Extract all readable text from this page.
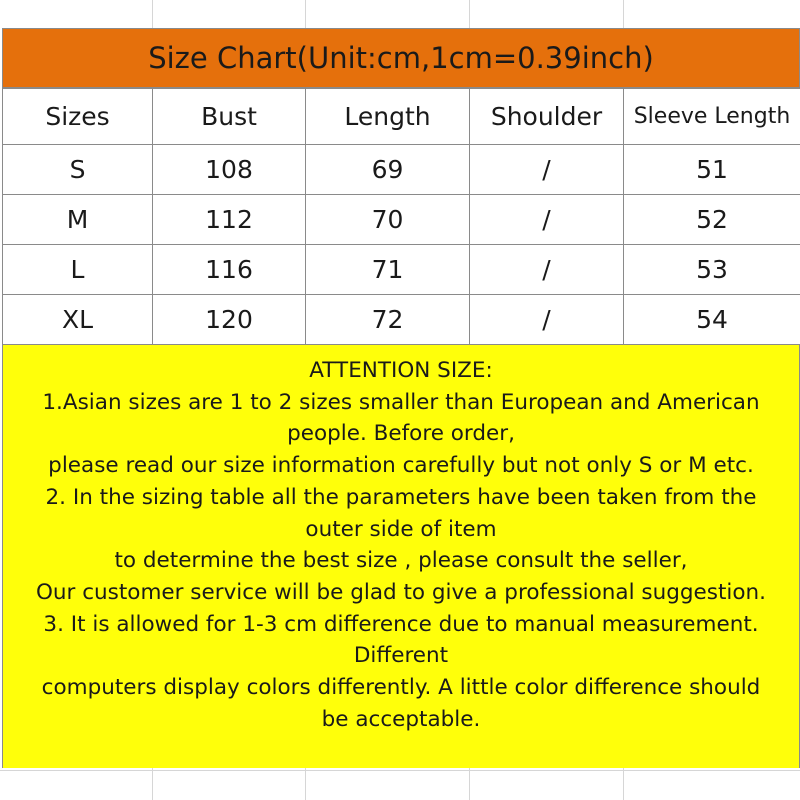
Size Chart(Unit:cm,1cm=0.39inch)
Sizes	Bust	Length	Shoulder	Sleeve Length
S	108	69	/	51
M	112	70	/	52
L	116	71	/	53
XL	120	72	/	54

ATTENTION SIZE:

1.Asian sizes are 1 to 2 sizes smaller than European and American

people. Before order,

please read our size information carefully but not only S or M etc.

2. In the sizing table all the parameters have been taken from the

outer side of item

to determine the best size , please consult the seller,

Our customer service will be glad to give a professional suggestion.

3. It is allowed for 1-3 cm difference due to manual measurement.

Different

computers display colors differently. A little color difference should

be acceptable.
